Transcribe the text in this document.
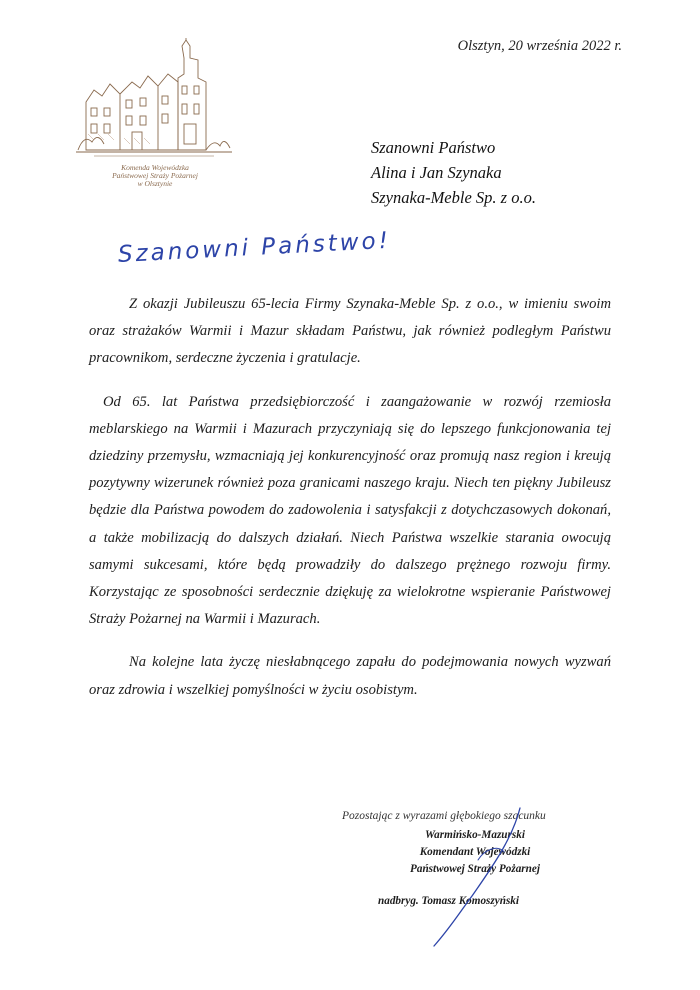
Komenda Wojewódzka
Państwowej Straży Pożarnej
w Olsztynie
Olsztyn, 20 września 2022 r.
Szanowni Państwo
Alina i Jan Szynaka
Szynaka-Meble Sp. z o.o.
Szanowni Państwo!

Z okazji Jubileuszu 65-lecia Firmy Szynaka-Meble Sp. z o.o., w imieniu swoim oraz strażaków Warmii i Mazur składam Państwu, jak również podległym Państwu pracownikom, serdeczne życzenia i gratulacje.

Od 65. lat Państwa przedsiębiorczość i zaangażowanie w rozwój rzemiosła meblarskiego na Warmii i Mazurach przyczyniają się do lepszego funkcjonowania tej dziedziny przemysłu, wzmacniają jej konkurencyjność oraz promują nasz region i kreują pozytywny wizerunek również poza granicami naszego kraju. Niech ten piękny Jubileusz będzie dla Państwa powodem do zadowolenia i satysfakcji z dotychczasowych dokonań, a także mobilizacją do dalszych działań. Niech Państwa wszelkie starania owocują samymi sukcesami, które będą prowadziły do dalszego prężnego rozwoju firmy. Korzystając ze sposobności serdecznie dziękuję za wielokrotne wspieranie Państwowej Straży Pożarnej na Warmii i Mazurach.

Na kolejne lata życzę niesłabnącego zapału do podejmowania nowych wyzwań oraz zdrowia i wszelkiej pomyślności w życiu osobistym.

Pozostając z wyrazami głębokiego szacunku
Warmińsko-Mazurski
Komendant Wojewódzki
Państwowej Straży Pożarnej
nadbryg. Tomasz Komoszyński
